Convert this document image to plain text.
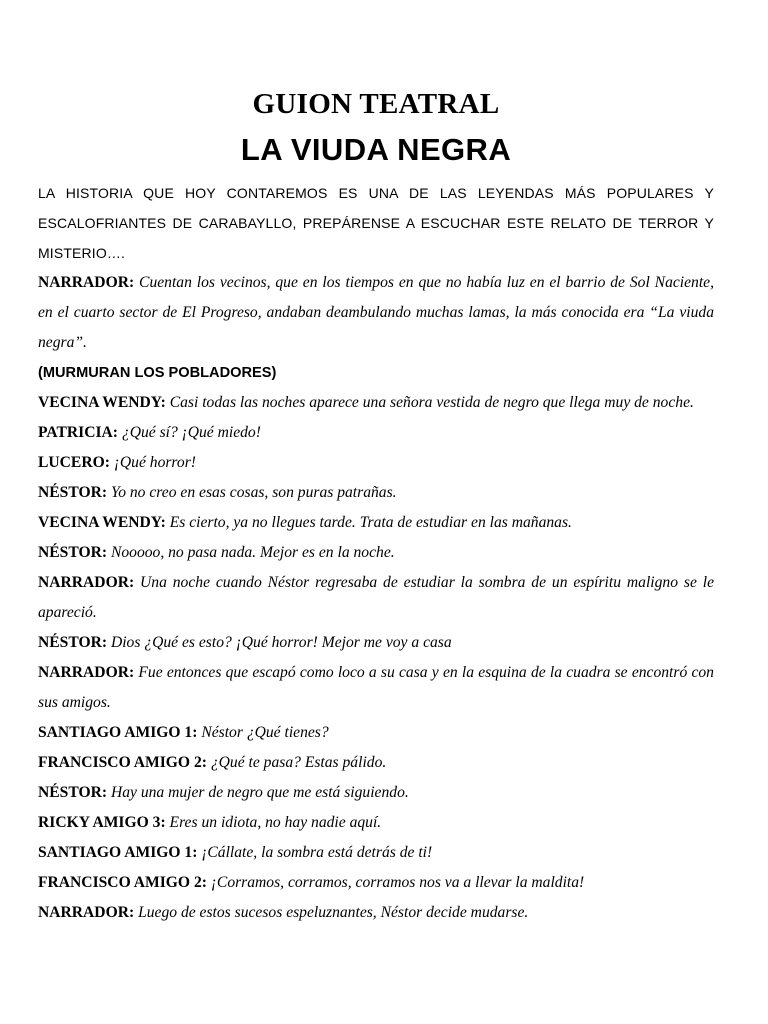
GUION TEATRAL
LA VIUDA NEGRA

LA HISTORIA QUE HOY CONTAREMOS ES UNA DE LAS LEYENDAS MÁS POPULARES Y ESCALOFRIANTES DE CARABAYLLO, PREPÁRENSE A ESCUCHAR ESTE RELATO DE TERROR Y MISTERIO….

NARRADOR: Cuentan los vecinos, que en los tiempos en que no había luz en el barrio de Sol Naciente, en el cuarto sector de El Progreso, andaban deambulando muchas lamas, la más conocida era “La viuda negra”.

(MURMURAN LOS POBLADORES)

VECINA WENDY: Casi todas las noches aparece una señora vestida de negro que llega muy de noche.

PATRICIA: ¿Qué sí? ¡Qué miedo!

LUCERO: ¡Qué horror!

NÉSTOR: Yo no creo en esas cosas, son puras patrañas.

VECINA WENDY: Es cierto, ya no llegues tarde. Trata de estudiar en las mañanas.

NÉSTOR: Nooooo, no pasa nada. Mejor es en la noche.

NARRADOR: Una noche cuando Néstor regresaba de estudiar la sombra de un espíritu maligno se le apareció.

NÉSTOR: Dios ¿Qué es esto? ¡Qué horror! Mejor me voy a casa

NARRADOR: Fue entonces que escapó como loco a su casa y en la esquina de la cuadra se encontró con sus amigos.

SANTIAGO AMIGO 1: Néstor ¿Qué tienes?

FRANCISCO AMIGO 2: ¿Qué te pasa? Estas pálido.

NÉSTOR: Hay una mujer de negro que me está siguiendo.

RICKY AMIGO 3: Eres un idiota, no hay nadie aquí.

SANTIAGO AMIGO 1: ¡Cállate, la sombra está detrás de ti!

FRANCISCO AMIGO 2: ¡Corramos, corramos, corramos nos va a llevar la maldita!

NARRADOR: Luego de estos sucesos espeluznantes, Néstor decide mudarse.
